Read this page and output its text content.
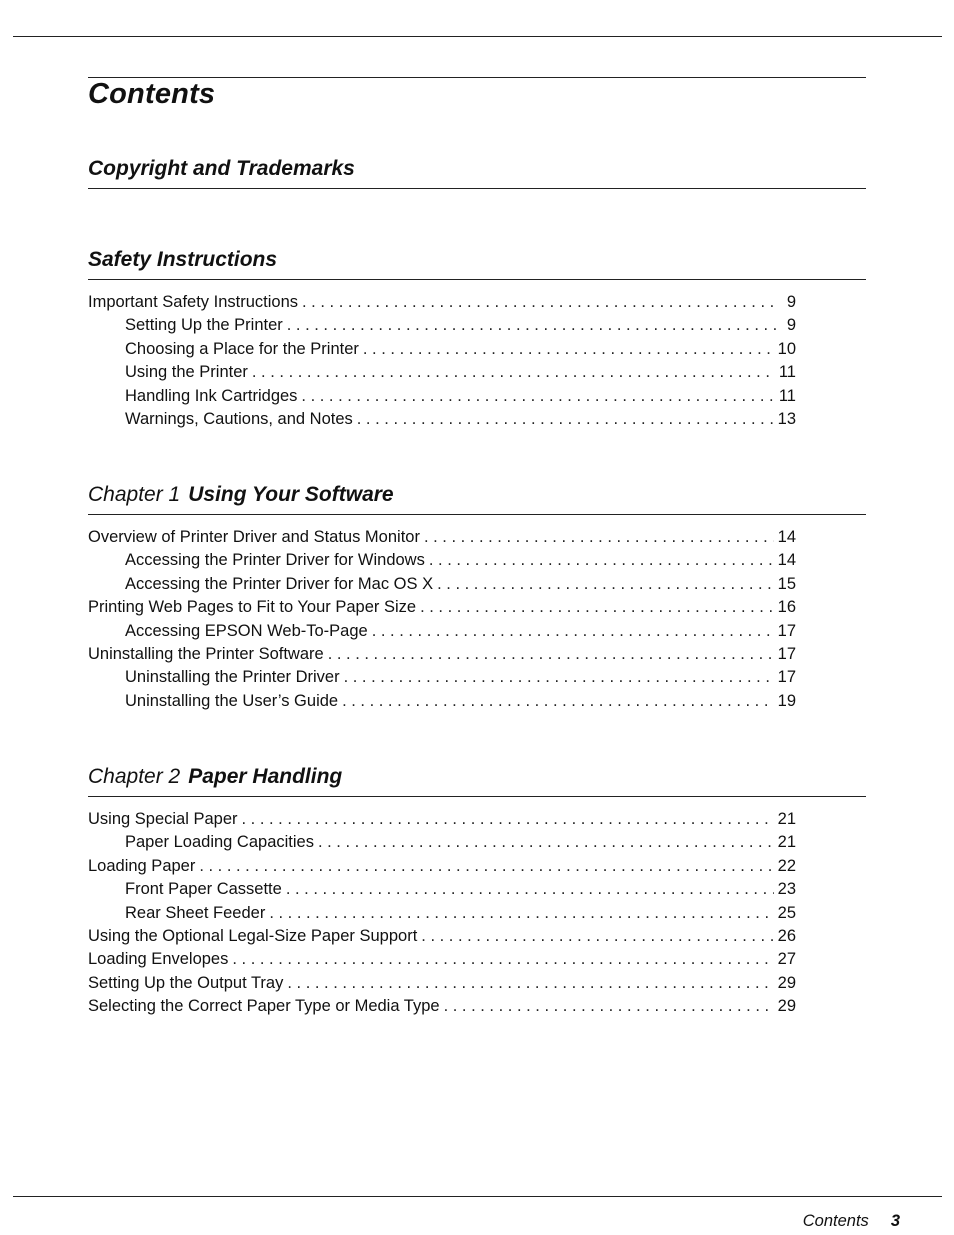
Contents
Copyright and Trademarks
Safety Instructions
Important Safety Instructions . . .	9
Setting Up the Printer . . .	9
Choosing a Place for the Printer . . .	10
Using the Printer . . .	11
Handling Ink Cartridges . . .	11
Warnings, Cautions, and Notes . . .	13
Chapter 1 Using Your Software
Overview of Printer Driver and Status Monitor . . .	14
Accessing the Printer Driver for Windows . . .	14
Accessing the Printer Driver for Mac OS X . . .	15
Printing Web Pages to Fit to Your Paper Size . . .	16
Accessing EPSON Web-To-Page . . .	17
Uninstalling the Printer Software . . .	17
Uninstalling the Printer Driver . . .	17
Uninstalling the User’s Guide . . .	19
Chapter 2 Paper Handling
Using Special Paper . . .	21
Paper Loading Capacities . . .	21
Loading Paper . . .	22
Front Paper Cassette . . .	23
Rear Sheet Feeder . . .	25
Using the Optional Legal-Size Paper Support . . .	26
Loading Envelopes . . .	27
Setting Up the Output Tray . . .	29
Selecting the Correct Paper Type or Media Type . . .	29
Contents 3
